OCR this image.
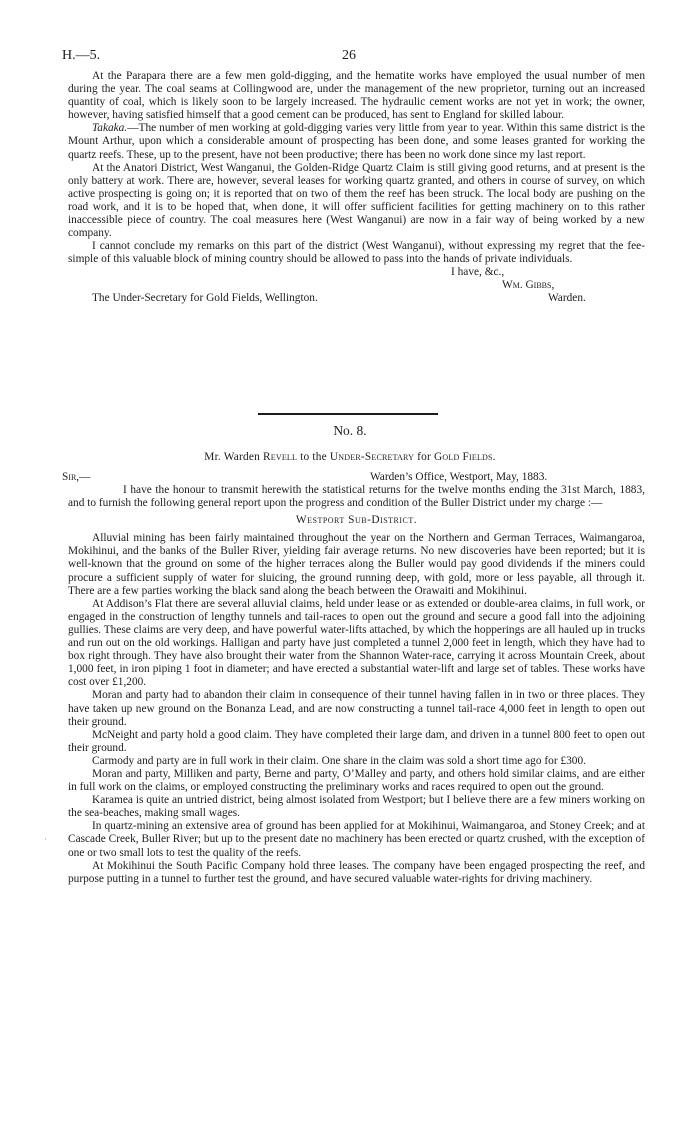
H.—5.	26

At the Parapara there are a few men gold-digging, and the hematite works have employed the usual number of men during the year. The coal seams at Collingwood are, under the management of the new proprietor, turning out an increased quantity of coal, which is likely soon to be largely increased. The hydraulic cement works are not yet in work; the owner, however, having satisfied himself that a good cement can be produced, has sent to England for skilled labour.

Takaka.—The number of men working at gold-digging varies very little from year to year. Within this same district is the Mount Arthur, upon which a considerable amount of prospecting has been done, and some leases granted for working the quartz reefs. These, up to the present, have not been productive; there has been no work done since my last report.

At the Anatori District, West Wanganui, the Golden-Ridge Quartz Claim is still giving good returns, and at present is the only battery at work. There are, however, several leases for working quartz granted, and others in course of survey, on which active prospecting is going on; it is reported that on two of them the reef has been struck. The local body are pushing on the road work, and it is to be hoped that, when done, it will offer sufficient facilities for getting machinery on to this rather inaccessible piece of country. The coal measures here (West Wanganui) are now in a fair way of being worked by a new company.

I cannot conclude my remarks on this part of the district (West Wanganui), without expressing my regret that the fee-simple of this valuable block of mining country should be allowed to pass into the hands of private individuals.

I have, &c.,
Wm. Gibbs,
The Under-Secretary for Gold Fields, Wellington.	Warden.
No. 8.
Mr. Warden Revell to the Under-Secretary for Gold Fields.
Sir,—	Warden’s Office, Westport, May, 1883.

I have the honour to transmit herewith the statistical returns for the twelve months ending the 31st March, 1883, and to furnish the following general report upon the progress and condition of the Buller District under my charge :—

Westport Sub-District.

Alluvial mining has been fairly maintained throughout the year on the Northern and German Terraces, Waimangaroa, Mokihinui, and the banks of the Buller River, yielding fair average returns. No new discoveries have been reported; but it is well-known that the ground on some of the higher terraces along the Buller would pay good dividends if the miners could procure a sufficient supply of water for sluicing, the ground running deep, with gold, more or less payable, all through it. There are a few parties working the black sand along the beach between the Orawaiti and Mokihinui.

At Addison’s Flat there are several alluvial claims, held under lease or as extended or double-area claims, in full work, or engaged in the construction of lengthy tunnels and tail-races to open out the ground and secure a good fall into the adjoining gullies. These claims are very deep, and have powerful water-lifts attached, by which the hopperings are all hauled up in trucks and run out on the old workings. Halligan and party have just completed a tunnel 2,000 feet in length, which they have had to box right through. They have also brought their water from the Shannon Water-race, carrying it across Mountain Creek, about 1,000 feet, in iron piping 1 foot in diameter; and have erected a substantial water-lift and large set of tables. These works have cost over £1,200.

Moran and party had to abandon their claim in consequence of their tunnel having fallen in in two or three places. They have taken up new ground on the Bonanza Lead, and are now constructing a tunnel tail-race 4,000 feet in length to open out their ground.

McNeight and party hold a good claim. They have completed their large dam, and driven in a tunnel 800 feet to open out their ground.

Carmody and party are in full work in their claim. One share in the claim was sold a short time ago for £300.

Moran and party, Milliken and party, Berne and party, O’Malley and party, and others hold similar claims, and are either in full work on the claims, or employed constructing the preliminary works and races required to open out the ground.

Karamea is quite an untried district, being almost isolated from Westport; but I believe there are a few miners working on the sea-beaches, making small wages.

In quartz-mining an extensive area of ground has been applied for at Mokihinui, Waimangaroa, and Stoney Creek; and at Cascade Creek, Buller River; but up to the present date no machinery has been erected or quartz crushed, with the exception of one or two small lots to test the quality of the reefs.

At Mokihinui the South Pacific Company hold three leases. The company have been engaged prospecting the reef, and purpose putting in a tunnel to further test the ground, and have secured valuable water-rights for driving machinery.

·
